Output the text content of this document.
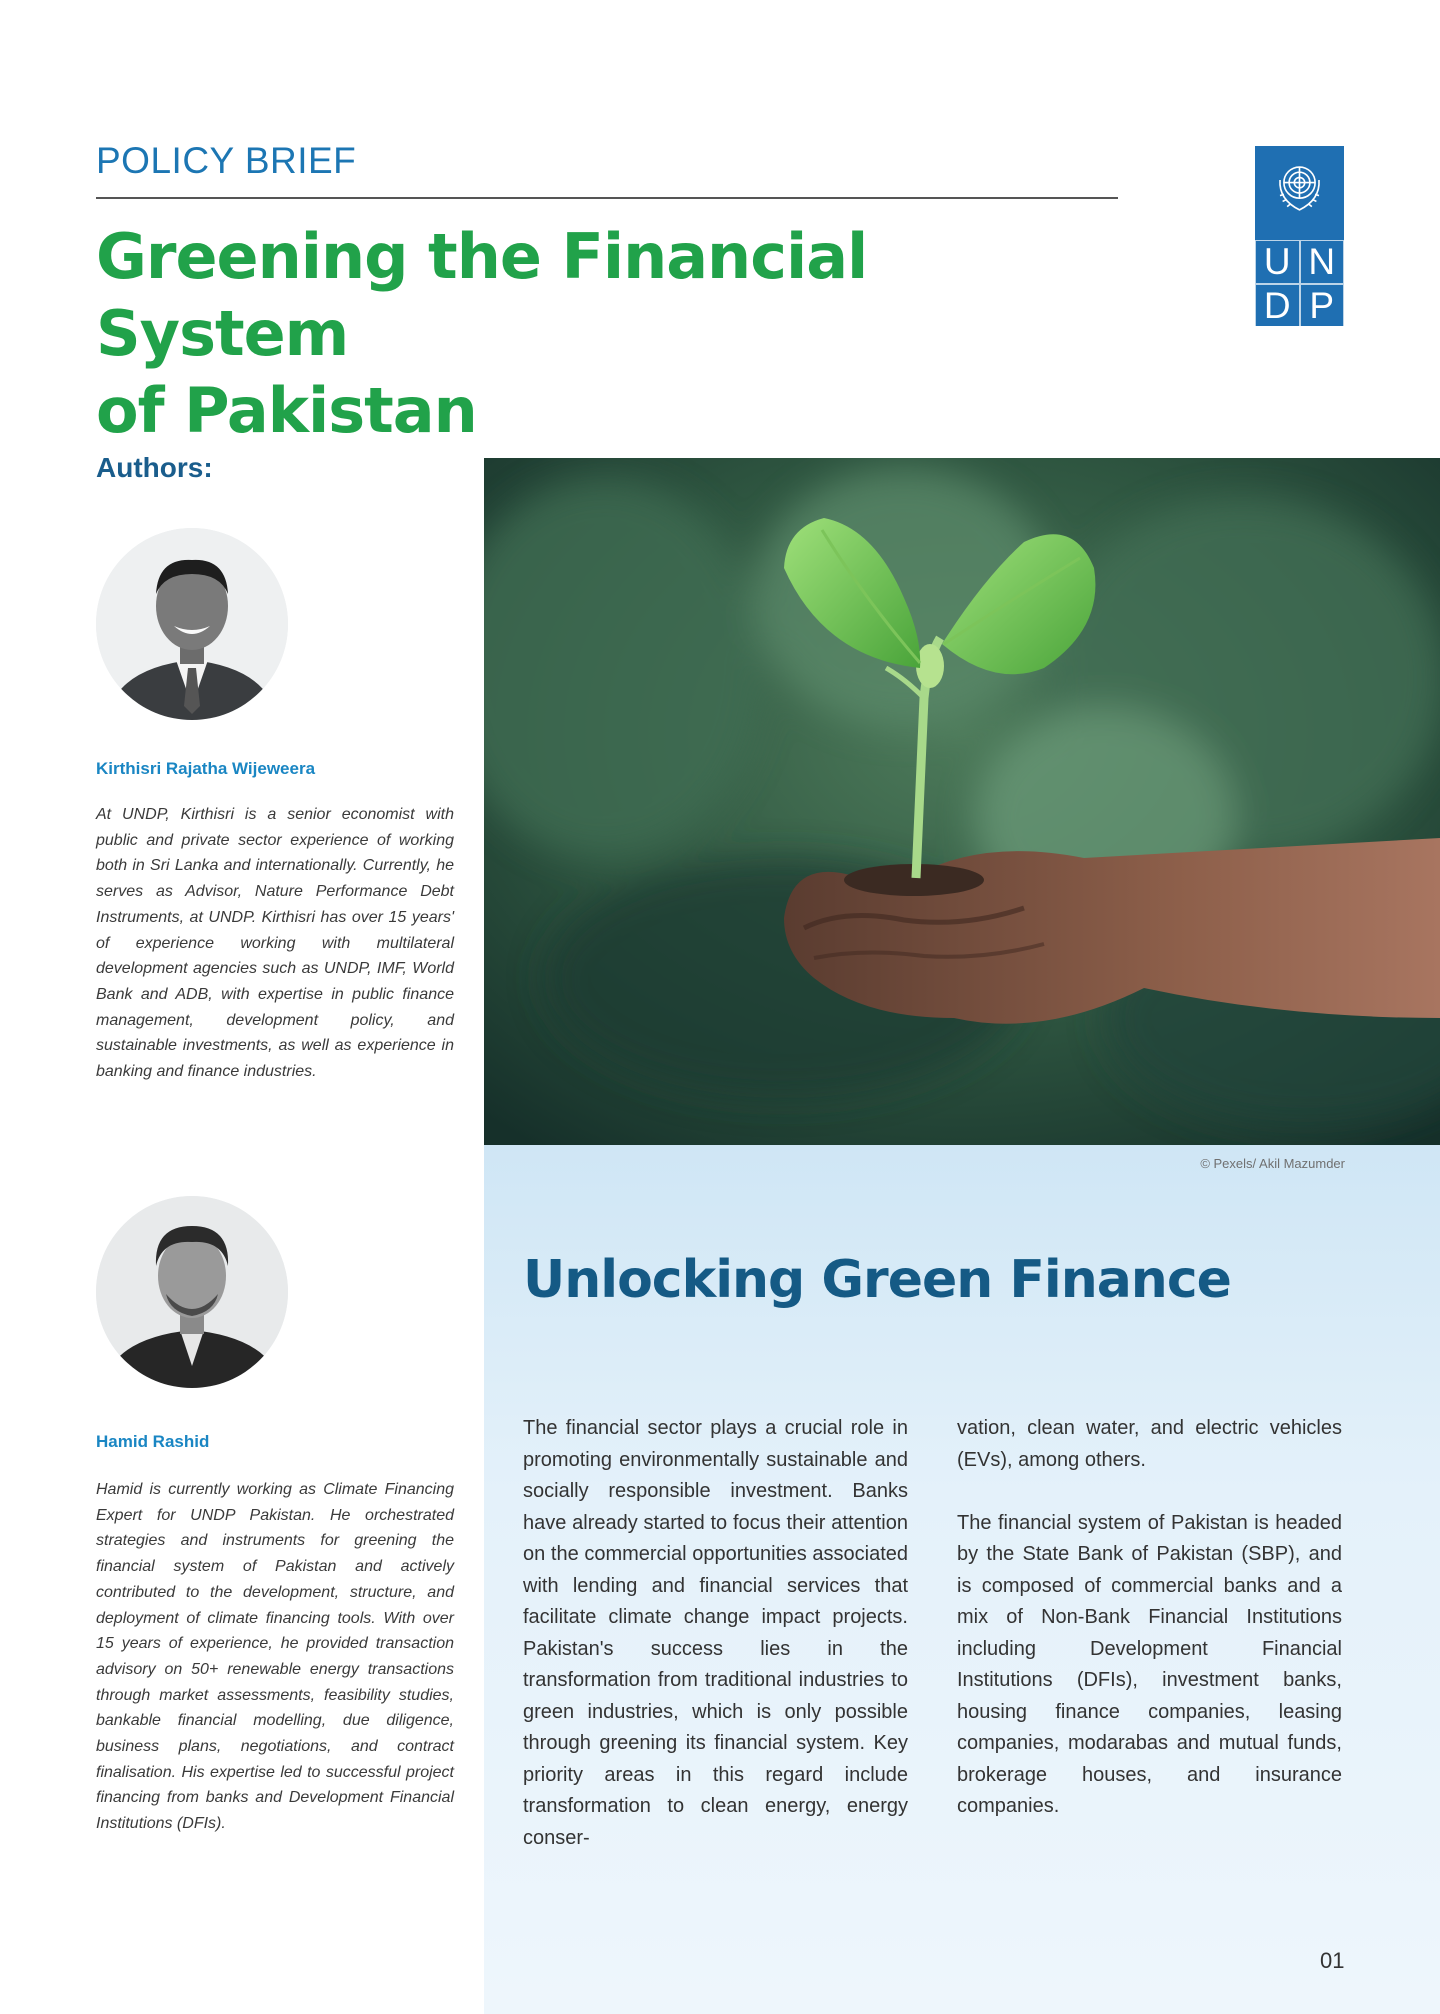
POLICY BRIEF
Greening the Financial System
of Pakistan
U N
D P
Authors:
Kirthisri Rajatha Wijeweera
At UNDP, Kirthisri is a senior economist with public and private sector experience of working both in Sri Lanka and internationally. Currently, he serves as Advisor, Nature Performance Debt Instruments, at UNDP. Kirthisri has over 15 years' of experience working with multilateral development agencies such as UNDP, IMF, World Bank and ADB, with expertise in public finance management, development policy, and sustainable investments, as well as experience in banking and finance industries.
Hamid Rashid
Hamid is currently working as Climate Financing Expert for UNDP Pakistan. He orchestrated strategies and instruments for greening the financial system of Pakistan and actively contributed to the development, structure, and deployment of climate financing tools. With over 15 years of experience, he provided transaction advisory on 50+ renewable energy transactions through market assessments, feasibility studies, bankable financial modelling, due diligence, business plans, negotiations, and contract finalisation. His expertise led to successful project financing from banks and Development Financial Institutions (DFIs).
© Pexels/ Akil Mazumder
Unlocking Green Finance

The financial sector plays a crucial role in promoting environmentally sustainable and socially responsible investment. Banks have already started to focus their attention on the commercial opportunities associated with lending and financial services that facilitate climate change impact projects. Pakistan's success lies in the transformation from traditional industries to green industries, which is only possible through greening its financial system. Key priority areas in this regard include transformation to clean energy, energy conser-

vation, clean water, and electric vehicles (EVs), among others.

The financial system of Pakistan is headed by the State Bank of Pakistan (SBP), and is composed of commercial banks and a mix of Non-Bank Financial Institutions including Development Financial Institutions (DFIs), investment banks, housing finance companies, leasing companies, modarabas and mutual funds, brokerage houses, and insurance companies.

01
